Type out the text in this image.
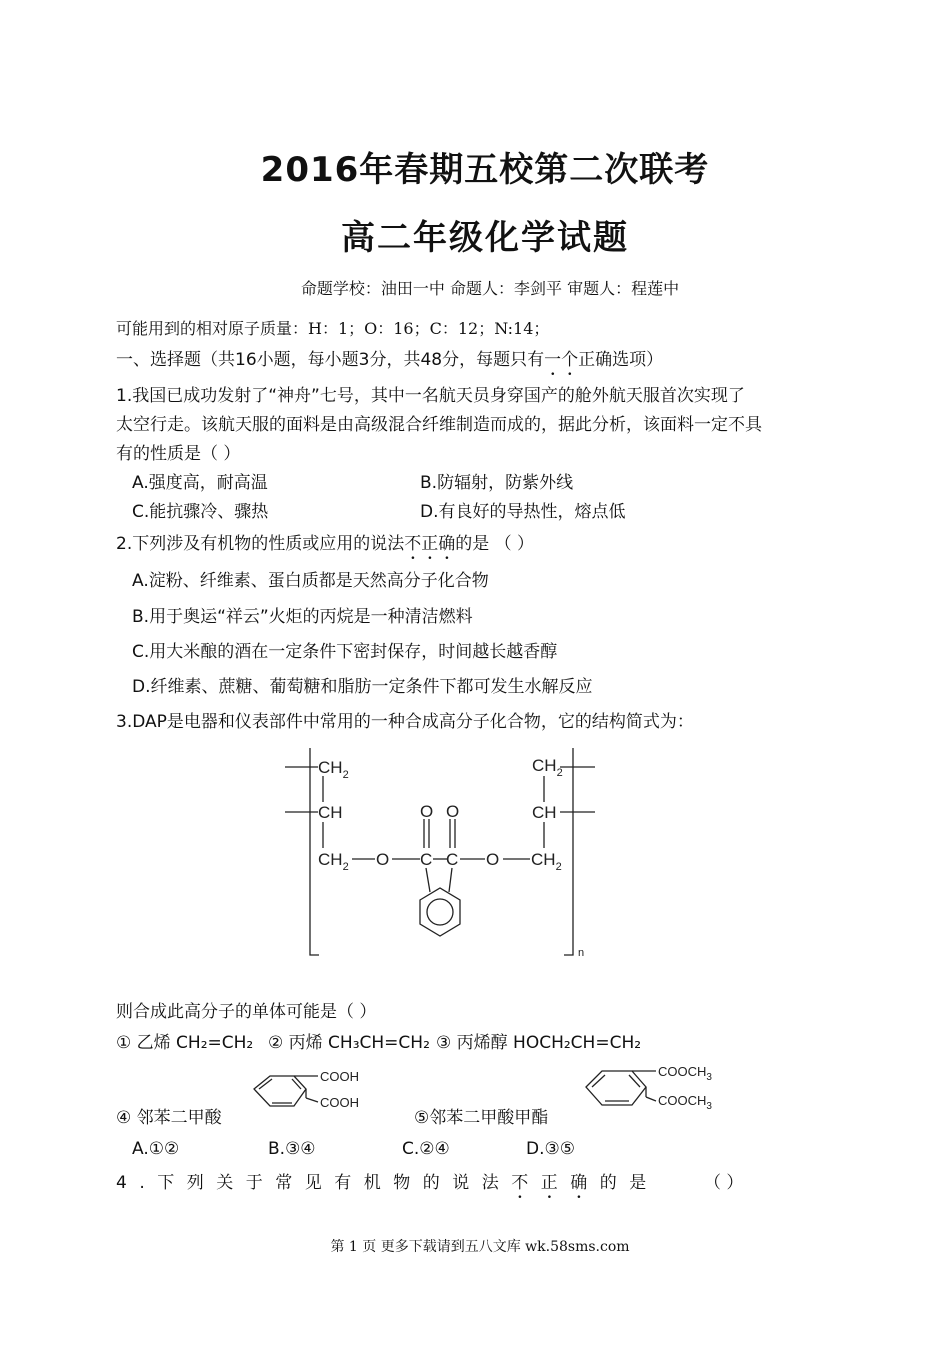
2016年春期五校第二次联考
高二年级化学试题
命题学校：油田一中 命题人：李剑平 审题人：程莲中
可能用到的相对原子质量：H：1；O：16；C：12；N:14；
一、选择题（共16小题，每小题3分，共48分，每题只有一个正确选项）
1.我国已成功发射了“神舟”七号，其中一名航天员身穿国产的舱外航天服首次实现了
太空行走。该航天服的面料是由高级混合纤维制造而成的，据此分析，该面料一定不具
有的性质是（ ）
A.强度高，耐高温	B.防辐射，防紫外线
C.能抗骤冷、骤热	D.有良好的导热性，熔点低
2.下列涉及有机物的性质或应用的说法不正确的是 （ ）
A.淀粉、纤维素、蛋白质都是天然高分子化合物
B.用于奥运“祥云”火炬的丙烷是一种清洁燃料
C.用大米酿的酒在一定条件下密封保存，时间越长越香醇
D.纤维素、蔗糖、葡萄糖和脂肪一定条件下都可发生水解反应
3.DAP是电器和仪表部件中常用的一种合成高分子化合物，它的结构简式为：
$CH_2$
CH
$CH_2$ O C C O
O O
$CH_2$
CH
$CH_2$
n
则合成此高分子的单体可能是（ ）
① 乙烯 CH₂=CH₂ ② 丙烯 CH₃CH=CH₂ ③ 丙烯醇 HOCH₂CH=CH₂
COOH
COOH
$COOCH_3$
$COOCH_3$
④ 邻苯二甲酸	⑤邻苯二甲酸甲酯
A.①②	B.③④	C.②④	D.③⑤
4.下列关于常见有机物的说法不正确的是	（ ）
第 1 页 更多下载请到五八文库 wk.58sms.com
